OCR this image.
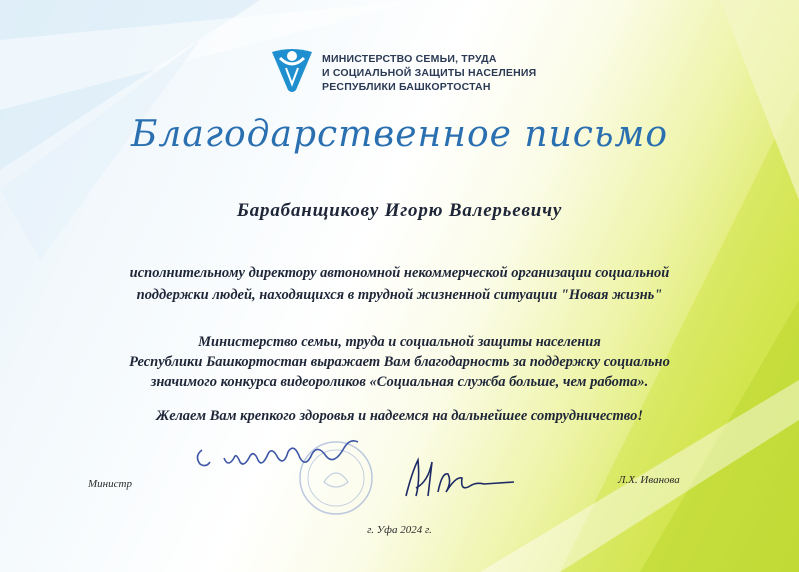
МИНИСТЕРСТВО СЕМЬИ, ТРУДА
И СОЦИАЛЬНОЙ ЗАЩИТЫ НАСЕЛЕНИЯ
РЕСПУБЛИКИ БАШКОРТОСТАН
Благодарственное письмо
Барабанщикову Игорю Валерьевичу
исполнительному директору автономной некоммерческой организации социальной
поддержки людей, находящихся в трудной жизненной ситуации "Новая жизнь"
Министерство семьи, труда и социальной защиты населения
Республики Башкортостан выражает Вам благодарность за поддержку социально
значимого конкурса видеороликов «Социальная служба больше, чем работа».
Желаем Вам крепкого здоровья и надеемся на дальнейшее сотрудничество!
Министр	Л.Х. Иванова
г. Уфа 2024 г.
